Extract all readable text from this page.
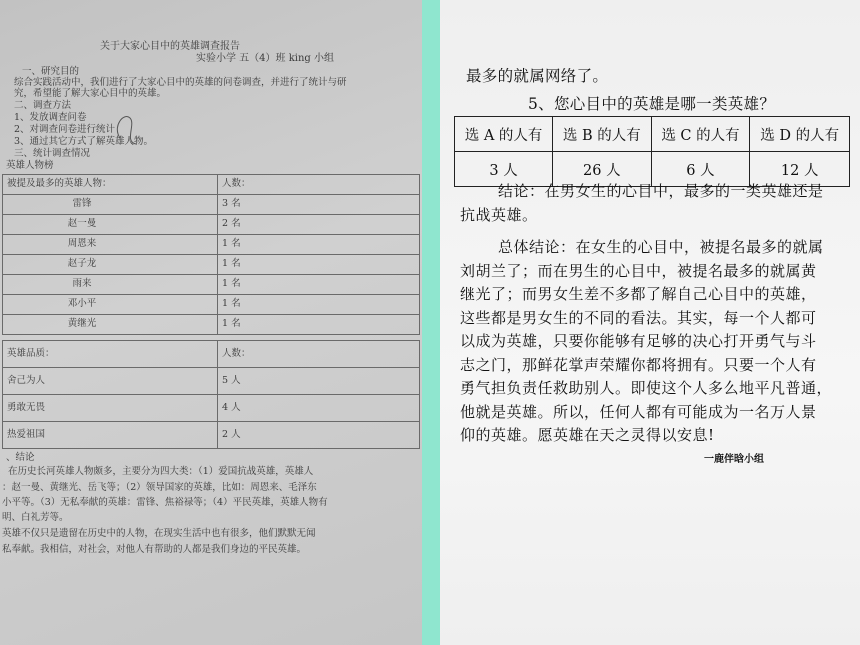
关于大家心目中的英雄调查报告
实验小学 五（4）班 king 小组
一、研究目的
综合实践活动中，我们进行了大家心目中的英雄的问卷调查，并进行了统计与研
究，希望能了解大家心目中的英雄。
二、调查方法
1、发放调查问卷
2、对调查问卷进行统计
3、通过其它方式了解英雄人物。
三、统计调查情况
英雄人物榜
被提及最多的英雄人物：	人数：
雷锋	3 名
赵一曼	2 名
周恩来	1 名
赵子龙	1 名
雨来	1 名
邓小平	1 名
黄继光	1 名
英雄品质：	人数：
舍己为人	5 人
勇敢无畏	4 人
热爱祖国	2 人
、结论
在历史长河英雄人物颇多，主要分为四大类：（1）爱国抗战英雄，英雄人
：赵一曼、黄继光、岳飞等；（2）领导国家的英雄，比如：周恩来、毛泽东
小平等。（3）无私奉献的英雄：雷锋、焦裕禄等；（4）平民英雄，英雄人物有
明、白礼芳等。
英雄不仅只是遗留在历史中的人物，在现实生活中也有很多，他们默默无闻
私奉献。我相信，对社会，对他人有帮助的人都是我们身边的平民英雄。
最多的就属网络了。
5、您心目中的英雄是哪一类英雄？
选 A 的人有	选 B 的人有	选 C 的人有	选 D 的人有
3 人	26 人	6 人	12 人
结论：在男女生的心目中，最多的一类英雄还是
抗战英雄。
总体结论：在女生的心目中，被提名最多的就属
刘胡兰了；而在男生的心目中，被提名最多的就属黄
继光了；而男女生差不多都了解自己心目中的英雄，
这些都是男女生的不同的看法。其实，每一个人都可
以成为英雄，只要你能够有足够的决心打开勇气与斗
志之门，那鲜花掌声荣耀你都将拥有。只要一个人有
勇气担负责任救助别人。即使这个人多么地平凡普通，
他就是英雄。所以，任何人都有可能成为一名万人景
仰的英雄。愿英雄在天之灵得以安息!
一鹿伴晗小组
